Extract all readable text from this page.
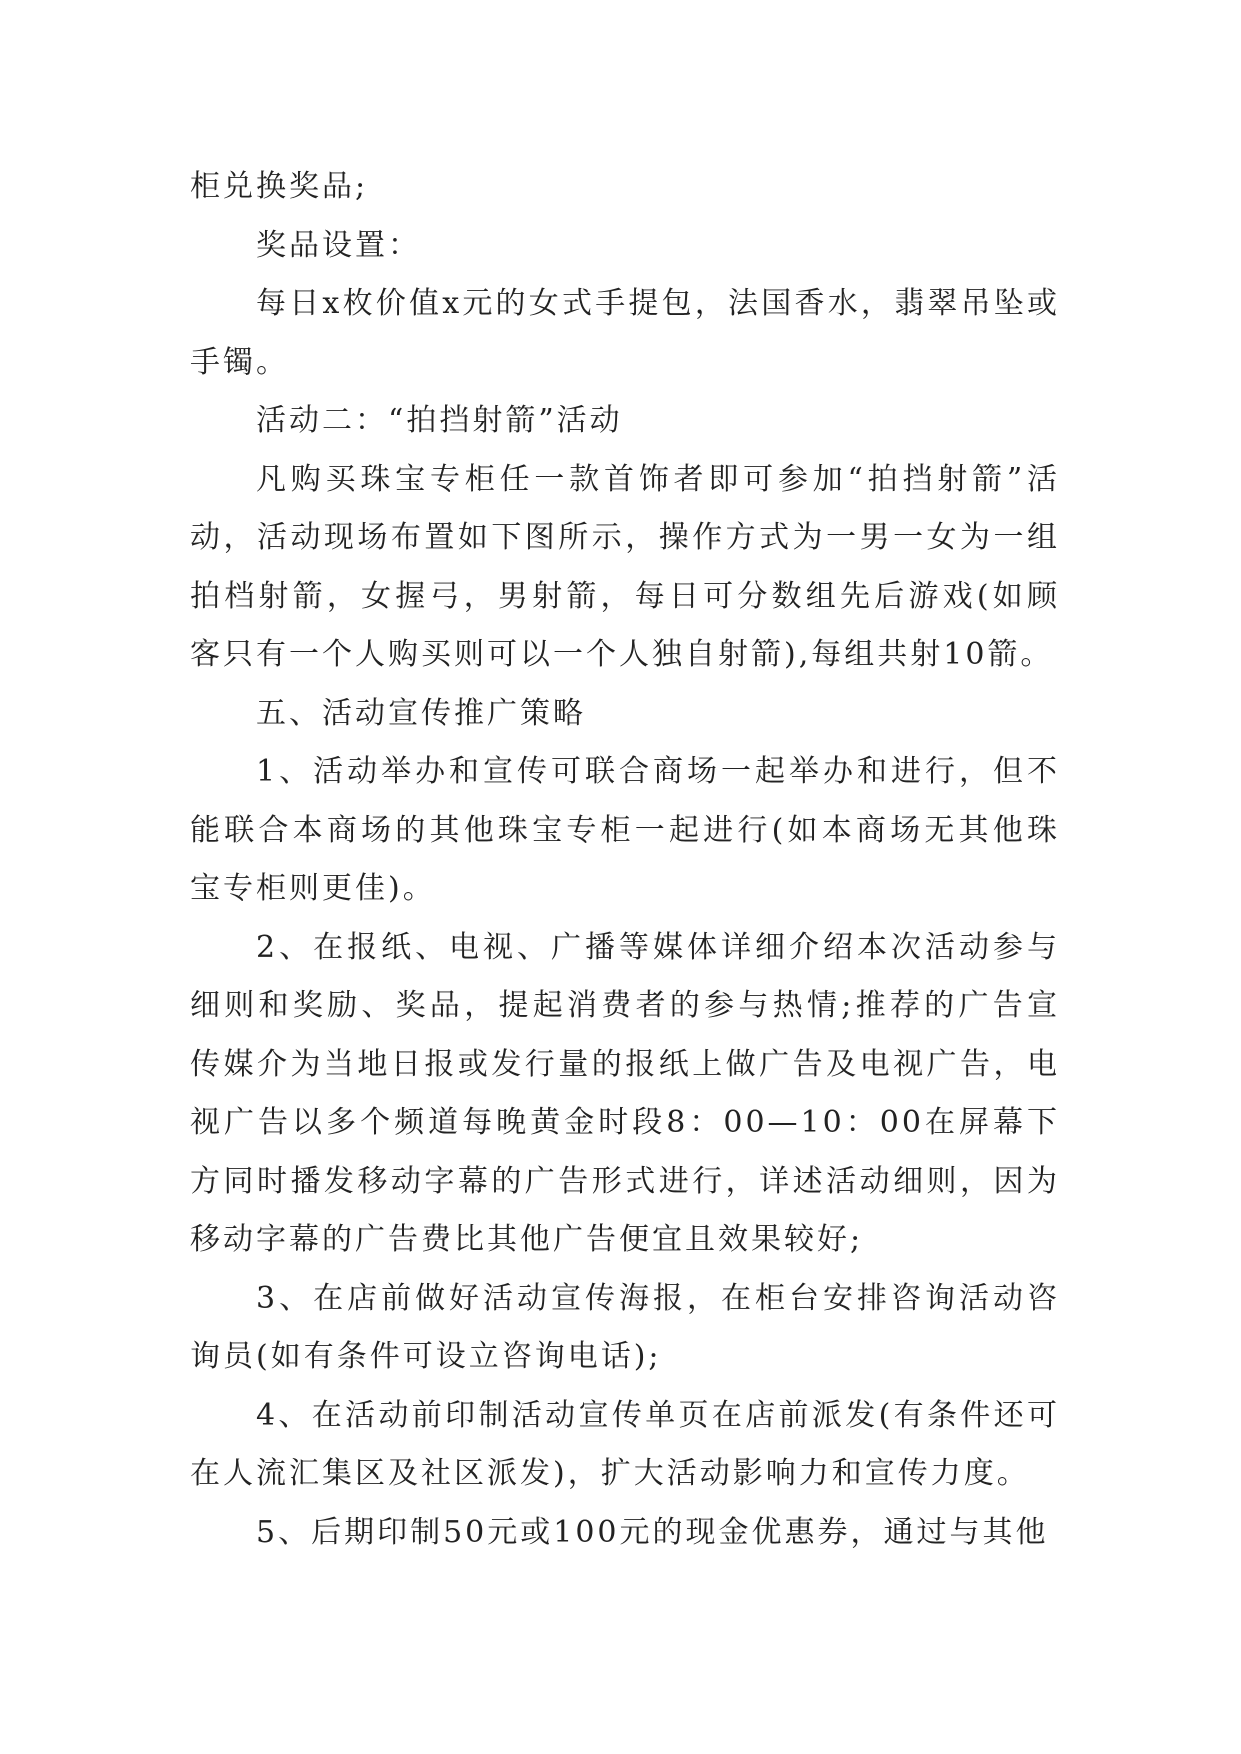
柜兑换奖品;

奖品设置：

每日x枚价值x元的女式手提包，法国香水，翡翠吊坠或手镯。

活动二：“拍挡射箭”活动

凡购买珠宝专柜任一款首饰者即可参加“拍挡射箭”活动，活动现场布置如下图所示，操作方式为一男一女为一组拍档射箭，女握弓，男射箭，每日可分数组先后游戏(如顾客只有一个人购买则可以一个人独自射箭),每组共射10箭。

五、活动宣传推广策略

1、活动举办和宣传可联合商场一起举办和进行，但不能联合本商场的其他珠宝专柜一起进行(如本商场无其他珠宝专柜则更佳)。

2、在报纸、电视、广播等媒体详细介绍本次活动参与细则和奖励、奖品，提起消费者的参与热情;推荐的广告宣传媒介为当地日报或发行量的报纸上做广告及电视广告，电视广告以多个频道每晚黄金时段8：00—10：00在屏幕下方同时播发移动字幕的广告形式进行，详述活动细则，因为移动字幕的广告费比其他广告便宜且效果较好;

3、在店前做好活动宣传海报，在柜台安排咨询活动咨询员(如有条件可设立咨询电话);

4、在活动前印制活动宣传单页在店前派发(有条件还可在人流汇集区及社区派发)，扩大活动影响力和宣传力度。

5、后期印制50元或100元的现金优惠券，通过与其他
